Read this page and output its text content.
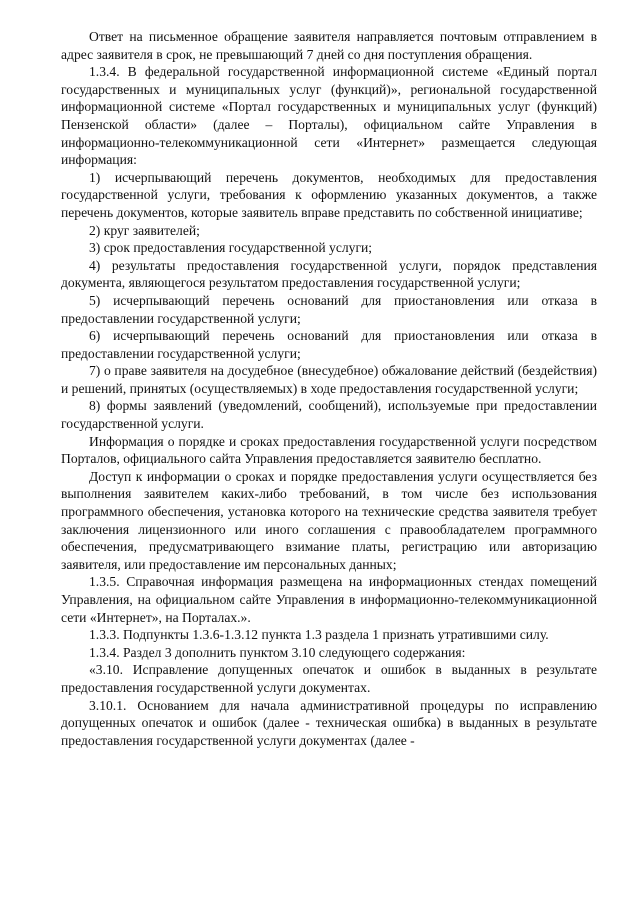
Ответ на письменное обращение заявителя направляется почтовым отправлением в адрес заявителя в срок, не превышающий 7 дней со дня поступления обращения.

1.3.4. В федеральной государственной информационной системе «Единый портал государственных и муниципальных услуг (функций)», региональной государственной информационной системе «Портал государственных и муниципальных услуг (функций) Пензенской области» (далее – Порталы), официальном сайте Управления в информационно-телекоммуникационной сети «Интернет» размещается следующая информация:

1) исчерпывающий перечень документов, необходимых для предоставления государственной услуги, требования к оформлению указанных документов, а также перечень документов, которые заявитель вправе представить по собственной инициативе;

2) круг заявителей;

3) срок предоставления государственной услуги;

4) результаты предоставления государственной услуги, порядок представления документа, являющегося результатом предоставления государственной услуги;

5) исчерпывающий перечень оснований для приостановления или отказа в предоставлении государственной услуги;

6) исчерпывающий перечень оснований для приостановления или отказа в предоставлении государственной услуги;

7) о праве заявителя на досудебное (внесудебное) обжалование действий (бездействия) и решений, принятых (осуществляемых) в ходе предоставления государственной услуги;

8) формы заявлений (уведомлений, сообщений), используемые при предоставлении государственной услуги.

Информация о порядке и сроках предоставления государственной услуги посредством Порталов, официального сайта Управления предоставляется заявителю бесплатно.

Доступ к информации о сроках и порядке предоставления услуги осуществляется без выполнения заявителем каких-либо требований, в том числе без использования программного обеспечения, установка которого на технические средства заявителя требует заключения лицензионного или иного соглашения с правообладателем программного обеспечения, предусматривающего взимание платы, регистрацию или авторизацию заявителя, или предоставление им персональных данных;

1.3.5. Справочная информация размещена на информационных стендах помещений Управления, на официальном сайте Управления в информационно-телекоммуникационной сети «Интернет», на Порталах.».

1.3.3. Подпункты 1.3.6-1.3.12 пункта 1.3 раздела 1 признать утратившими силу.

1.3.4. Раздел 3 дополнить пунктом 3.10 следующего содержания:

«3.10. Исправление допущенных опечаток и ошибок в выданных в результате предоставления государственной услуги документах.

3.10.1. Основанием для начала административной процедуры по исправлению допущенных опечаток и ошибок (далее - техническая ошибка) в выданных в результате предоставления государственной услуги документах (далее -
